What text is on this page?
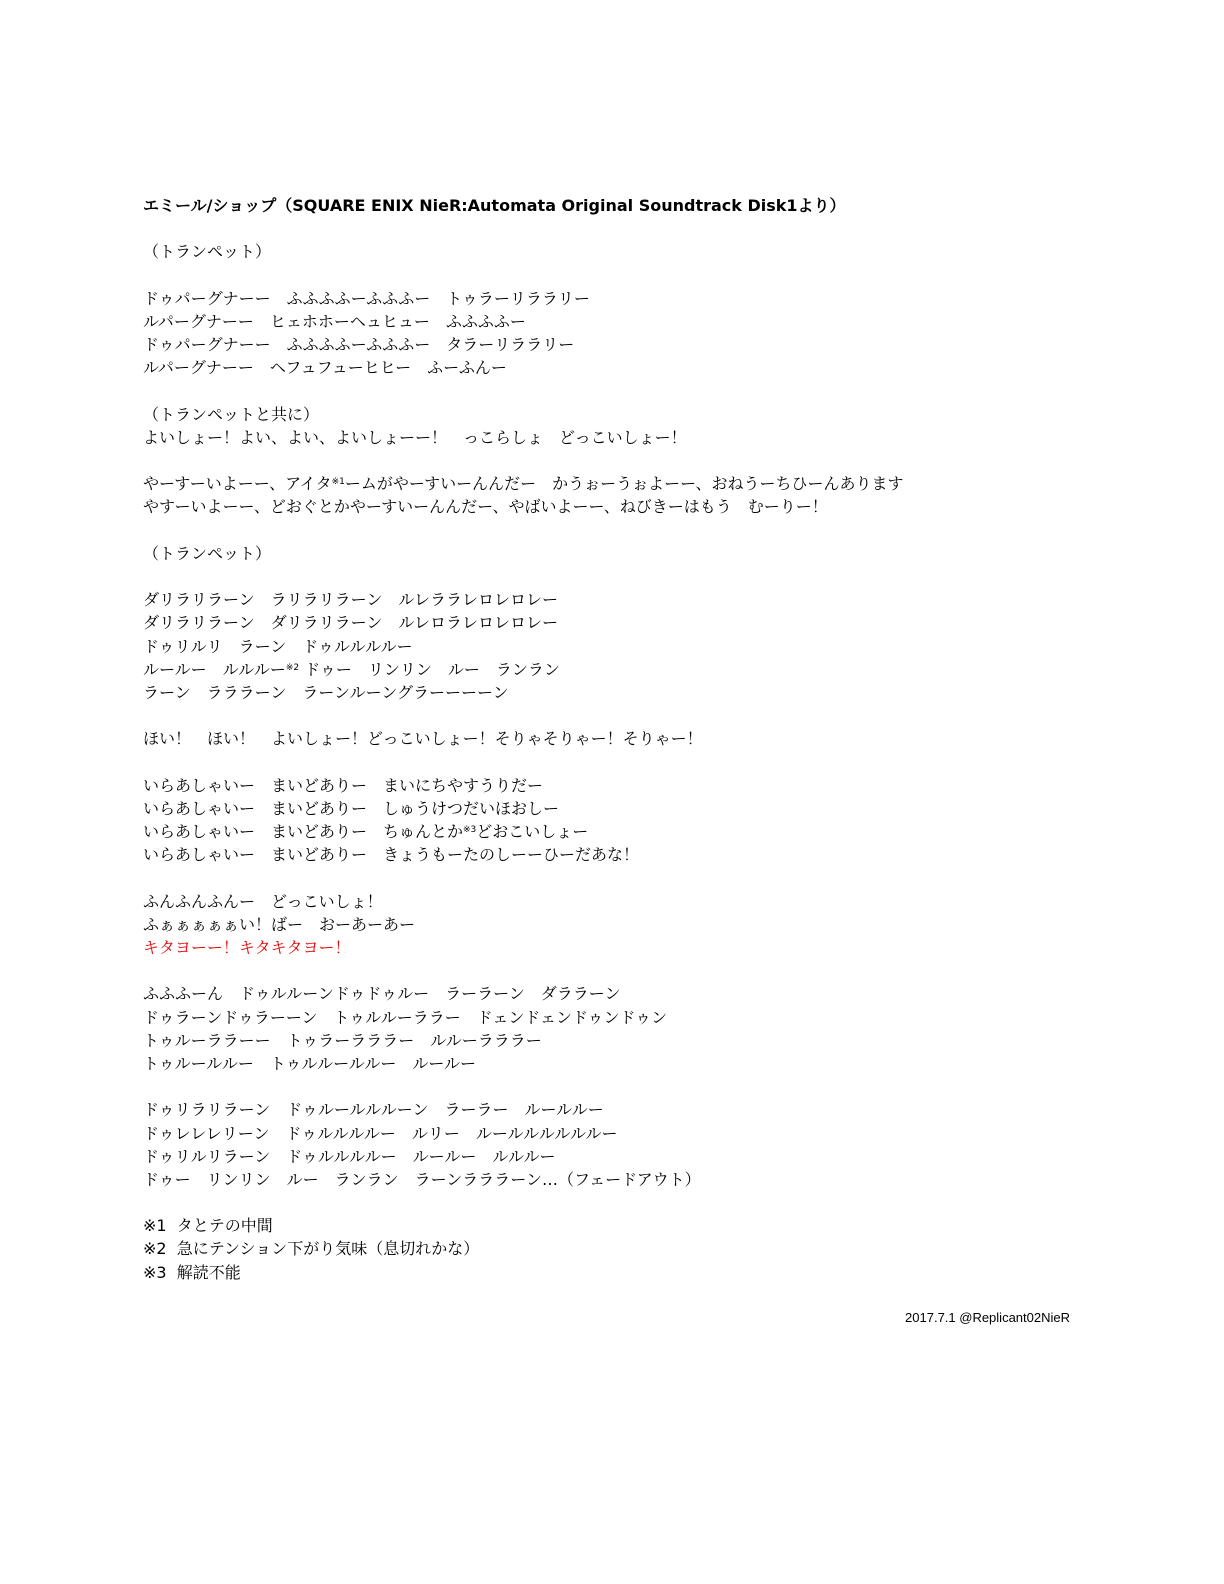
エミール/ショップ（SQUARE ENIX NieR:Automata Original Soundtrack Disk1より）
（トランペット）
ドゥパーグナーー　ふふふふーふふふー　トゥラーリララリー
ルパーグナーー　ヒェホホーヘュヒュー　ふふふふー
ドゥパーグナーー　ふふふふーふふふー　タラーリララリー
ルパーグナーー　ヘフュフューヒヒー　ふーふんー
（トランペットと共に）
よいしょー！よい、よい、よいしょーー！　っこらしょ　どっこいしょー！
やーすーいよーー、アイタ$^{※1}$ームがやーすいーんんだー　かうぉーうぉよーー、おねうーちひーんあります
やすーいよーー、どおぐとかやーすいーんんだー、やばいよーー、ねびきーはもう　むーりー！
（トランペット）
ダリラリラーン　ラリラリラーン　ルレララレロレロレー
ダリラリラーン　ダリラリラーン　ルレロラレロレロレー
ドゥリルリ　ラーン　ドゥルルルルー
ルールー　ルルルー$^{※2}$ ドゥー　リンリン　ルー　ランラン
ラーン　ラララーン　ラーンルーングラーーーーン
ほい！　ほい！　よいしょー！どっこいしょー！そりゃそりゃー！そりゃー！
いらあしゃいー　まいどありー　まいにちやすうりだー
いらあしゃいー　まいどありー　しゅうけつだいほおしー
いらあしゃいー　まいどありー　ちゅんとか$^{※3}$どおこいしょー
いらあしゃいー　まいどありー　きょうもーたのしーーひーだあな！
ふんふんふんー　どっこいしょ！
ふぁぁぁぁぁい！ばー　おーあーあー
キタヨーー！キタキタヨー！
ふふふーん　ドゥルルーンドゥドゥルー　ラーラーン　ダララーン
ドゥラーンドゥラーーン　トゥルルーララー　ドェンドェンドゥンドゥン
トゥルーララーー　トゥラーラララー　ルルーラララー
トゥルールルー　トゥルルールルー　ルールー
ドゥリラリラーン　ドゥルールルルーン　ラーラー　ルールルー
ドゥレレレリーン　ドゥルルルルー　ルリー　ルールルルルルルー
ドゥリルリラーン　ドゥルルルルー　ルールー　ルルルー
ドゥー　リンリン　ルー　ランラン　ラーンラララーン…（フェードアウト）
※1  タとテの中間
※2  急にテンション下がり気味（息切れかな）
※3  解読不能
2017.7.1 @Replicant02NieR
